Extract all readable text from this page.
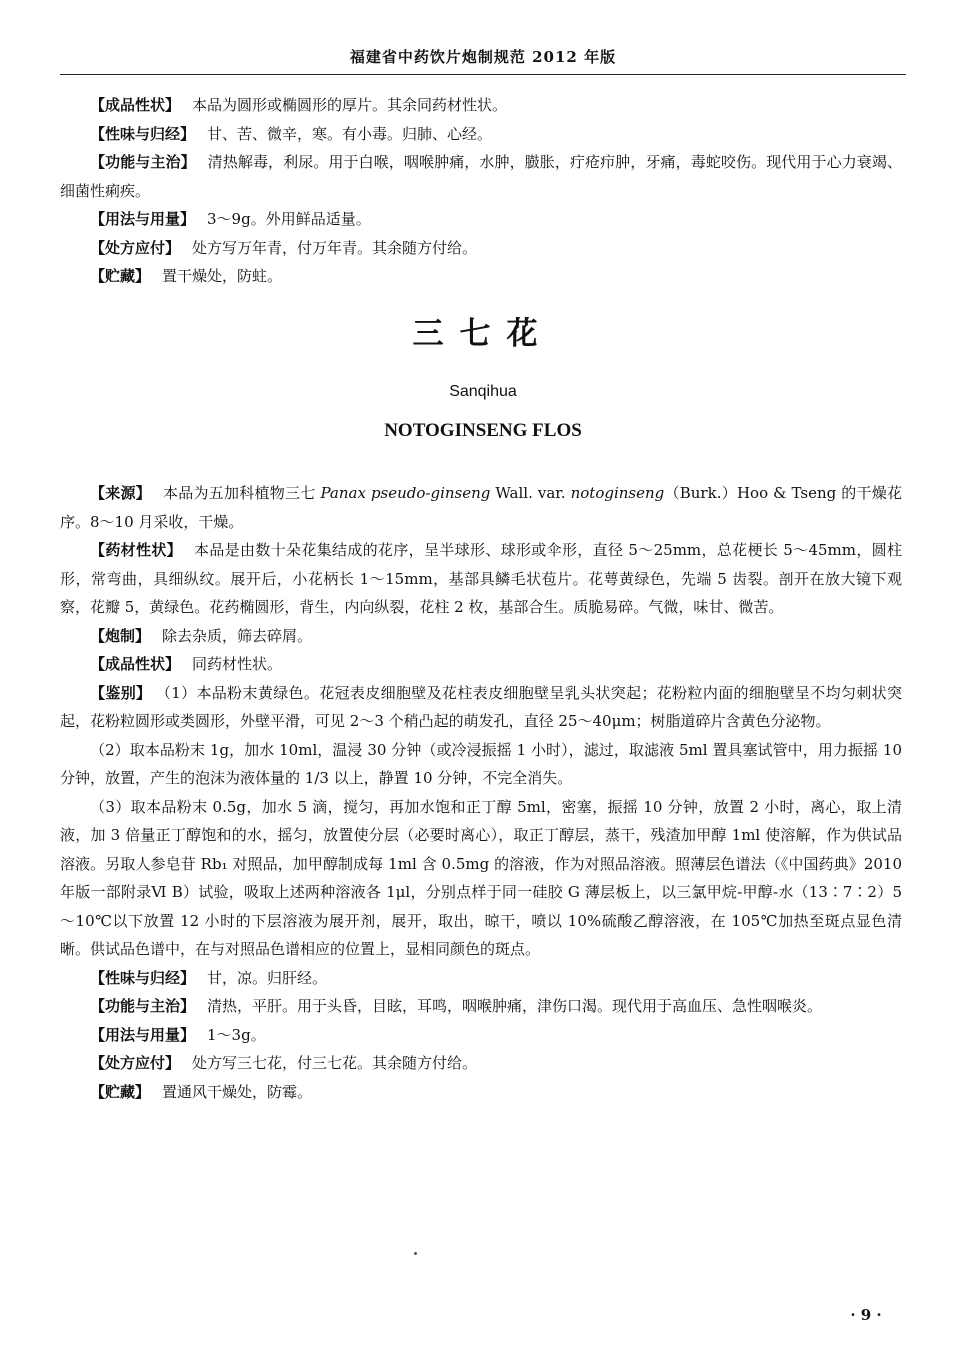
福建省中药饮片炮制规范 2012 年版

【成品性状】 本品为圆形或椭圆形的厚片。其余同药材性状。

【性味与归经】 甘、苦、微辛，寒。有小毒。归肺、心经。

【功能与主治】 清热解毒，利尿。用于白喉，咽喉肿痛，水肿，臌胀，疔疮疖肿，牙痛，毒蛇咬伤。现代用于心力衰竭、细菌性痢疾。

【用法与用量】 3～9g。外用鲜品适量。

【处方应付】 处方写万年青，付万年青。其余随方付给。

【贮藏】 置干燥处，防蛀。

三七花
Sanqihua
NOTOGINSENG FLOS

【来源】 本品为五加科植物三七 Panax pseudo-ginseng Wall. var. notoginseng（Burk.）Hoo & Tseng 的干燥花序。8～10 月采收，干燥。

【药材性状】 本品是由数十朵花集结成的花序，呈半球形、球形或伞形，直径 5～25mm，总花梗长 5～45mm，圆柱形，常弯曲，具细纵纹。展开后，小花柄长 1～15mm，基部具鳞毛状苞片。花萼黄绿色，先端 5 齿裂。剖开在放大镜下观察，花瓣 5，黄绿色。花药椭圆形，背生，内向纵裂，花柱 2 枚，基部合生。质脆易碎。气微，味甘、微苦。

【炮制】 除去杂质，筛去碎屑。

【成品性状】 同药材性状。

【鉴别】 （1）本品粉末黄绿色。花冠表皮细胞壁及花柱表皮细胞壁呈乳头状突起；花粉粒内面的细胞壁呈不均匀刺状突起，花粉粒圆形或类圆形，外壁平滑，可见 2～3 个稍凸起的萌发孔，直径 25～40μm；树脂道碎片含黄色分泌物。

（2）取本品粉末 1g，加水 10ml，温浸 30 分钟（或冷浸振摇 1 小时），滤过，取滤液 5ml 置具塞试管中，用力振摇 10 分钟，放置，产生的泡沫为液体量的 1/3 以上，静置 10 分钟，不完全消失。

（3）取本品粉末 0.5g，加水 5 滴，搅匀，再加水饱和正丁醇 5ml，密塞，振摇 10 分钟，放置 2 小时，离心，取上清液，加 3 倍量正丁醇饱和的水，摇匀，放置使分层（必要时离心），取正丁醇层，蒸干，残渣加甲醇 1ml 使溶解，作为供试品溶液。另取人参皂苷 Rb₁ 对照品，加甲醇制成每 1ml 含 0.5mg 的溶液，作为对照品溶液。照薄层色谱法（《中国药典》2010 年版一部附录Ⅵ B）试验，吸取上述两种溶液各 1μl，分别点样于同一硅胶 G 薄层板上，以三氯甲烷-甲醇-水（13∶7∶2）5～10℃以下放置 12 小时的下层溶液为展开剂，展开，取出，晾干，喷以 10%硫酸乙醇溶液，在 105℃加热至斑点显色清晰。供试品色谱中，在与对照品色谱相应的位置上，显相同颜色的斑点。

【性味与归经】 甘，凉。归肝经。

【功能与主治】 清热，平肝。用于头昏，目眩，耳鸣，咽喉肿痛，津伤口渴。现代用于高血压、急性咽喉炎。

【用法与用量】 1～3g。

【处方应付】 处方写三七花，付三七花。其余随方付给。

【贮藏】 置通风干燥处，防霉。

· 9 ·
